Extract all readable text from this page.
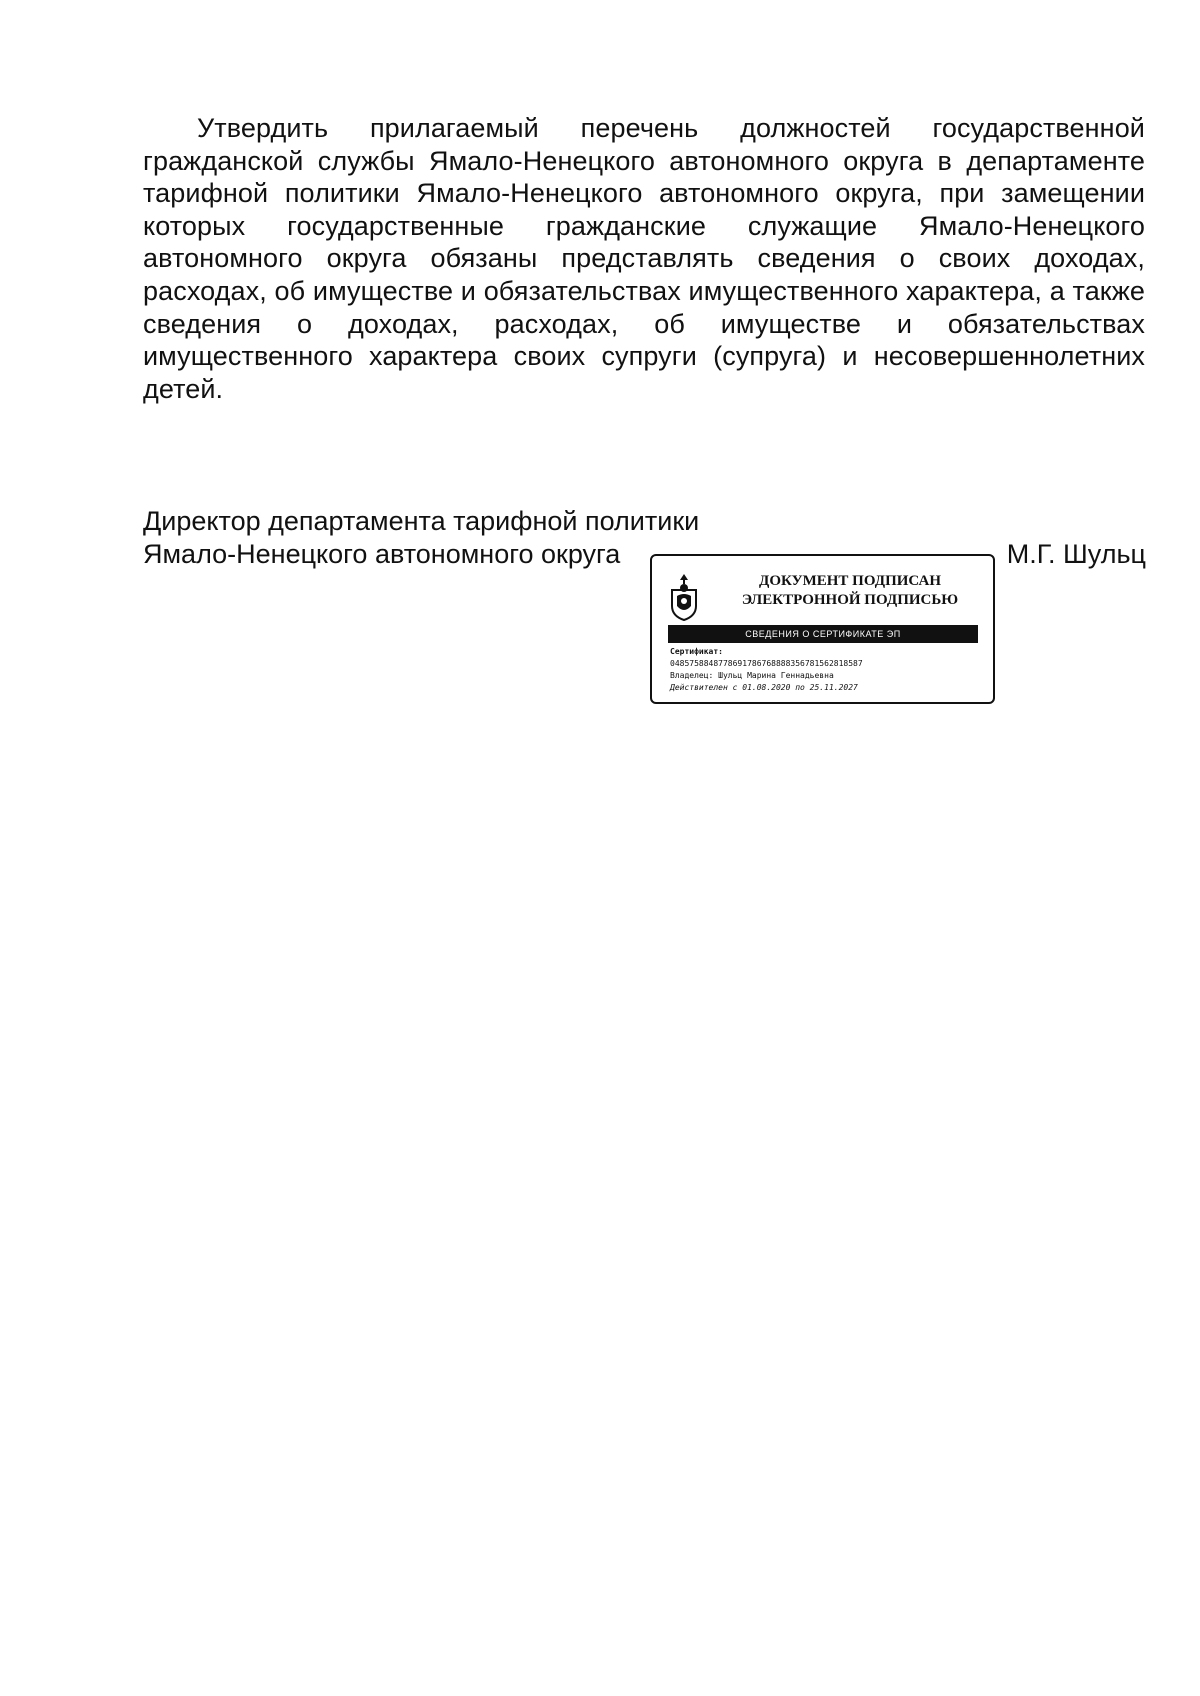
Утвердить прилагаемый перечень должностей государственной гражданской службы Ямало-Ненецкого автономного округа в департаменте тарифной политики Ямало-Ненецкого автономного округа, при замещении которых государственные гражданские служащие Ямало-Ненецкого автономного округа обязаны представлять сведения о своих доходах, расходах, об имуществе и обязательствах имущественного характера, а также сведения о доходах, расходах, об имуществе и обязательствах имущественного характера своих супруги (супруга) и несовершеннолетних детей.

Директор департамента тарифной политики
Ямало-Ненецкого автономного округа	М.Г. Шульц
ДОКУМЕНТ ПОДПИСАН
ЭЛЕКТРОННОЙ ПОДПИСЬЮ
СВЕДЕНИЯ О СЕРТИФИКАТЕ ЭП
Сертификат:
0485758848778691786768888356781562818587
Владелец: Шульц Марина Геннадьевна
Действителен с 01.08.2020 по 25.11.2027
